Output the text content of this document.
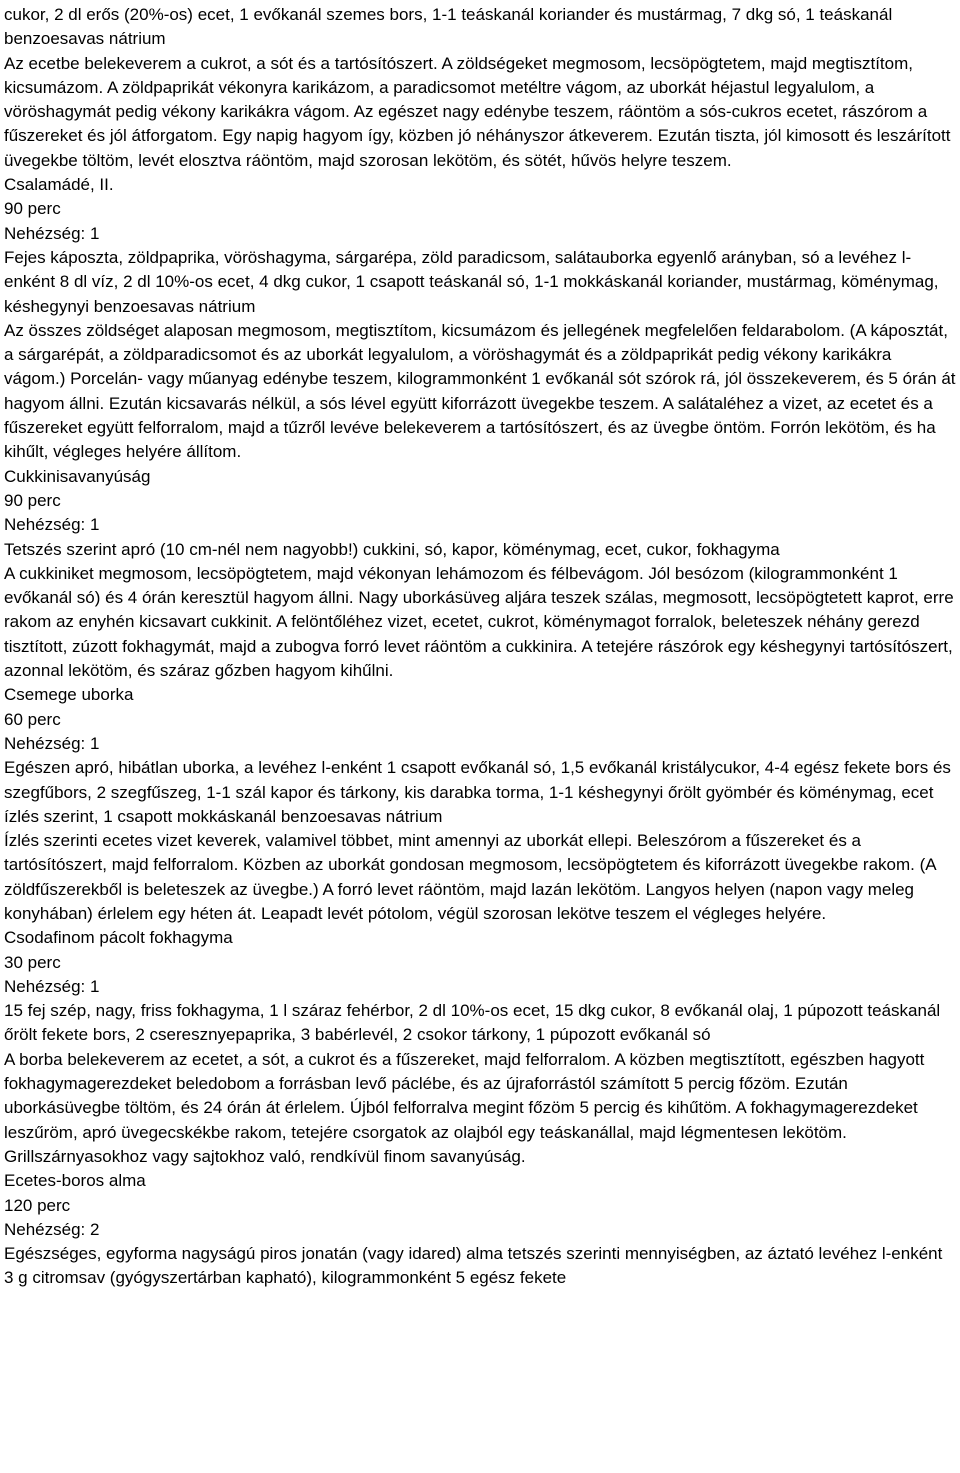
cukor, 2 dl erős (20%-os) ecet, 1 evőkanál szemes bors, 1-1 teáskanál koriander és mustármag, 7 dkg só, 1 teáskanál benzoesavas nátrium

Az ecetbe belekeverem a cukrot, a sót és a tartósítószert. A zöldségeket megmosom, lecsöpögtetem, majd megtisztítom, kicsumázom. A zöldpaprikát vékonyra karikázom, a paradicsomot metéltre vágom, az uborkát héjastul legyalulom, a vöröshagymát pedig vékony karikákra vágom. Az egészet nagy edénybe teszem, ráöntöm a sós-cukros ecetet, rászórom a fűszereket és jól átforgatom. Egy napig hagyom így, közben jó néhányszor átkeverem. Ezután tiszta, jól kimosott és leszárított üvegekbe töltöm, levét elosztva ráöntöm, majd szorosan lekötöm, és sötét, hűvös helyre teszem.

Csalamádé, II.

90 perc

Nehézség: 1

Fejes káposzta, zöldpaprika, vöröshagyma, sárgarépa, zöld paradicsom, salátauborka egyenlő arányban, só a levéhez l-enként 8 dl víz, 2 dl 10%-os ecet, 4 dkg cukor, 1 csapott teáskanál só, 1-1 mokkáskanál koriander, mustármag, köménymag, késhegynyi benzoesavas nátrium

Az összes zöldséget alaposan megmosom, megtisztítom, kicsumázom és jellegének megfelelően feldarabolom. (A káposztát, a sárgarépát, a zöldparadicsomot és az uborkát legyalulom, a vöröshagymát és a zöldpaprikát pedig vékony karikákra vágom.) Porcelán- vagy műanyag edénybe teszem, kilogrammonként 1 evőkanál sót szórok rá, jól összekeverem, és 5 órán át hagyom állni. Ezután kicsavarás nélkül, a sós lével együtt kiforrázott üvegekbe teszem. A salátaléhez a vizet, az ecetet és a fűszereket együtt felforralom, majd a tűzről levéve belekeverem a tartósítószert, és az üvegbe öntöm. Forrón lekötöm, és ha kihűlt, végleges helyére állítom.

Cukkinisavanyúság

90 perc

Nehézség: 1

Tetszés szerint apró (10 cm-nél nem nagyobb!) cukkini, só, kapor, köménymag, ecet, cukor, fokhagyma

A cukkiniket megmosom, lecsöpögtetem, majd vékonyan lehámozom és félbevágom. Jól besózom (kilogrammonként 1 evőkanál só) és 4 órán keresztül hagyom állni. Nagy uborkásüveg aljára teszek szálas, megmosott, lecsöpögtetett kaprot, erre rakom az enyhén kicsavart cukkinit. A felöntőléhez vizet, ecetet, cukrot, köménymagot forralok, beleteszek néhány gerezd tisztított, zúzott fokhagymát, majd a zubogva forró levet ráöntöm a cukkinira. A tetejére rászórok egy késhegynyi tartósítószert, azonnal lekötöm, és száraz gőzben hagyom kihűlni.

Csemege uborka

60 perc

Nehézség: 1

Egészen apró, hibátlan uborka, a levéhez l-enként 1 csapott evőkanál só, 1,5 evőkanál kristálycukor, 4-4 egész fekete bors és szegfűbors, 2 szegfűszeg, 1-1 szál kapor és tárkony, kis darabka torma, 1-1 késhegynyi őrölt gyömbér és köménymag, ecet ízlés szerint, 1 csapott mokkáskanál benzoesavas nátrium

Ízlés szerinti ecetes vizet keverek, valamivel többet, mint amennyi az uborkát ellepi. Beleszórom a fűszereket és a tartósítószert, majd felforralom. Közben az uborkát gondosan megmosom, lecsöpögtetem és kiforrázott üvegekbe rakom. (A zöldfűszerekből is beleteszek az üvegbe.) A forró levet ráöntöm, majd lazán lekötöm. Langyos helyen (napon vagy meleg konyhában) érlelem egy héten át. Leapadt levét pótolom, végül szorosan lekötve teszem el végleges helyére.

Csodafinom pácolt fokhagyma

30 perc

Nehézség: 1

15 fej szép, nagy, friss fokhagyma, 1 l száraz fehérbor, 2 dl 10%-os ecet, 15 dkg cukor, 8 evőkanál olaj, 1 púpozott teáskanál őrölt fekete bors, 2 cseresznyepaprika, 3 babérlevél, 2 csokor tárkony, 1 púpozott evőkanál só

A borba belekeverem az ecetet, a sót, a cukrot és a fűszereket, majd felforralom. A közben megtisztított, egészben hagyott fokhagymagerezdeket beledobom a forrásban levő páclébe, és az újraforrástól számított 5 percig főzöm. Ezután uborkásüvegbe töltöm, és 24 órán át érlelem. Újból felforralva megint főzöm 5 percig és kihűtöm. A fokhagymagerezdeket leszűröm, apró üvegecskékbe rakom, tetejére csorgatok az olajból egy teáskanállal, majd légmentesen lekötöm. Grillszárnyasokhoz vagy sajtokhoz való, rendkívül finom savanyúság.

Ecetes-boros alma

120 perc

Nehézség: 2

Egészséges, egyforma nagyságú piros jonatán (vagy idared) alma tetszés szerinti mennyiségben, az áztató levéhez l-enként 3 g citromsav (gyógyszertárban kapható), kilogrammonként 5 egész fekete
